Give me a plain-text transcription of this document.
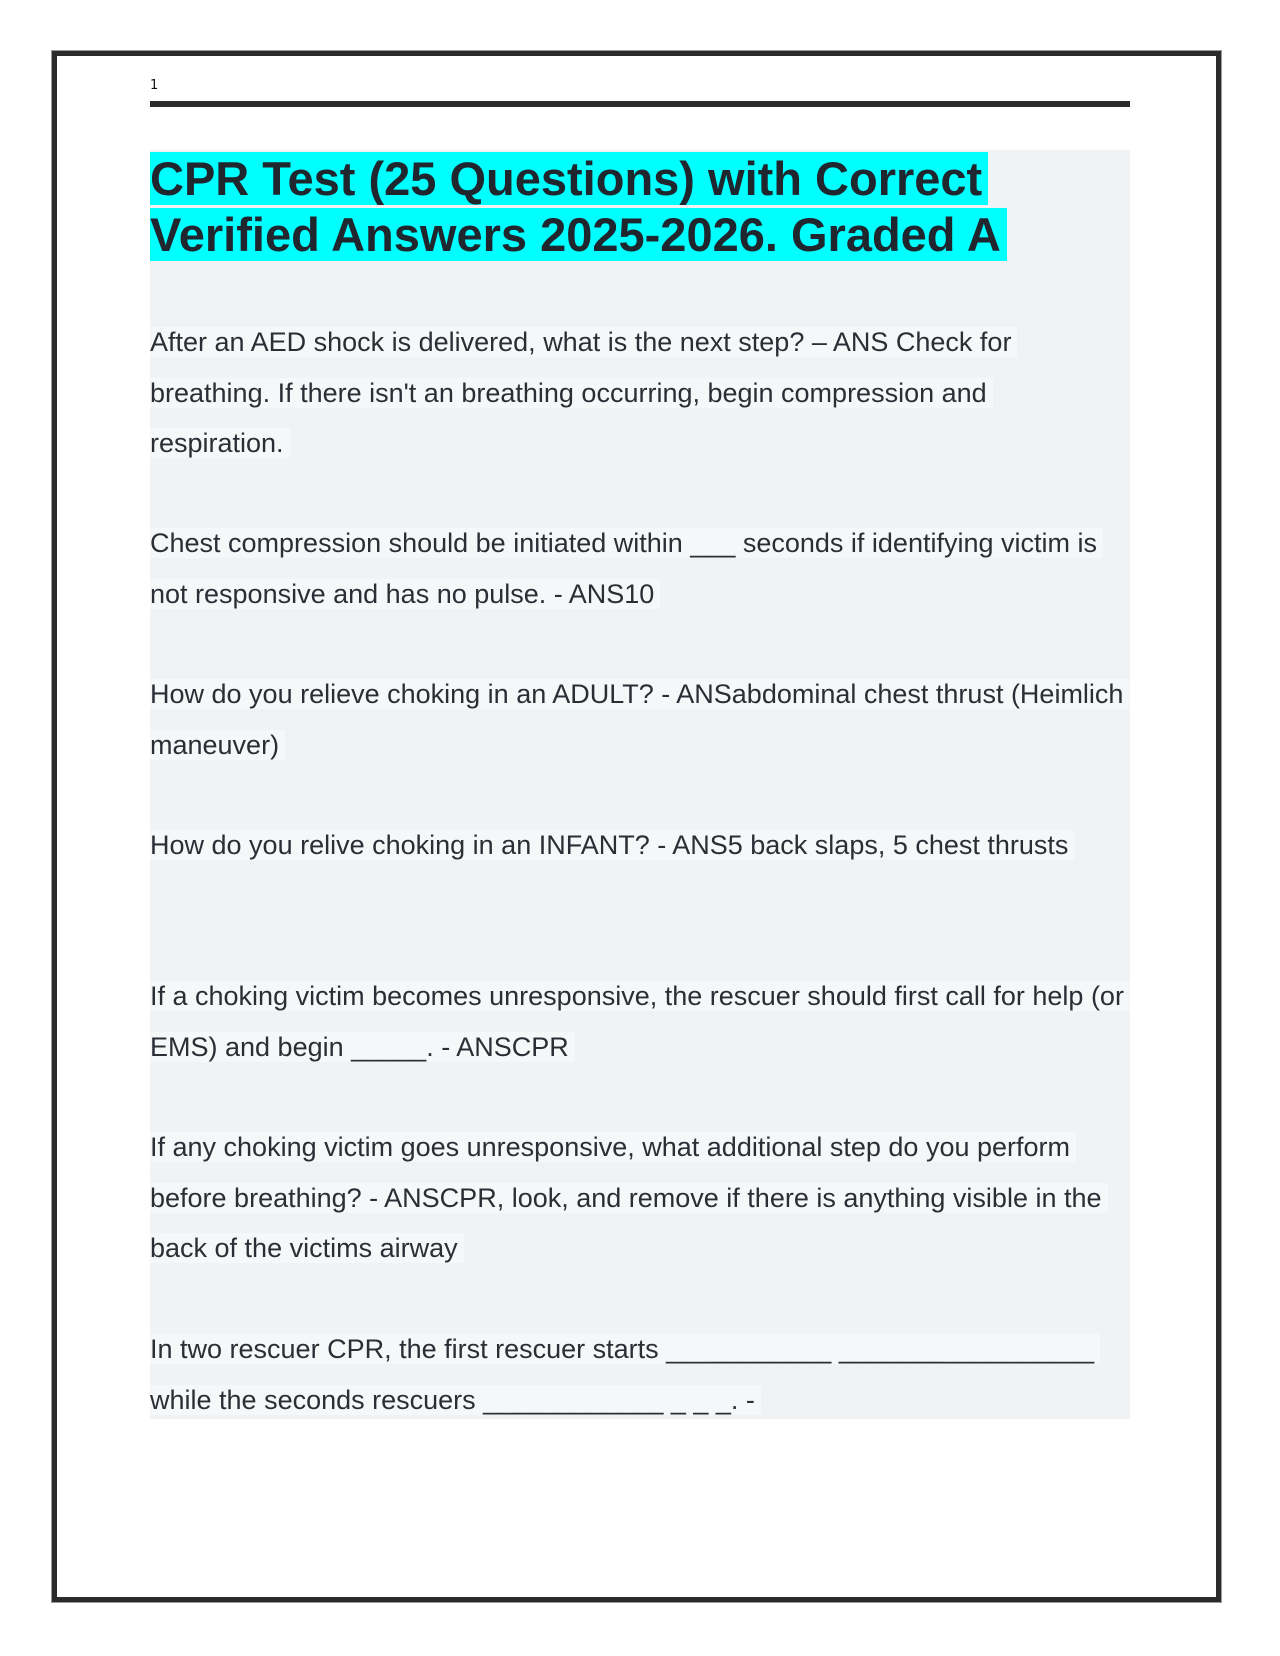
1
CPR Test (25 Questions) with Correct Verified Answers 2025-2026. Graded A

After an AED shock is delivered, what is the next step? – ANS Check for breathing. If there isn't an breathing occurring, begin compression and respiration.

Chest compression should be initiated within ___ seconds if identifying victim is not responsive and has no pulse. - ANS10

How do you relieve choking in an ADULT? - ANSabdominal chest thrust (Heimlich maneuver)

How do you relive choking in an INFANT? - ANS5 back slaps, 5 chest thrusts

If a choking victim becomes unresponsive, the rescuer should first call for help (or EMS) and begin _____. - ANSCPR

If any choking victim goes unresponsive, what additional step do you perform before breathing? - ANSCPR, look, and remove if there is anything visible in the back of the victims airway

In two rescuer CPR, the first rescuer starts ___________ _________________ while the seconds rescuers ____________ _ _ _. -
